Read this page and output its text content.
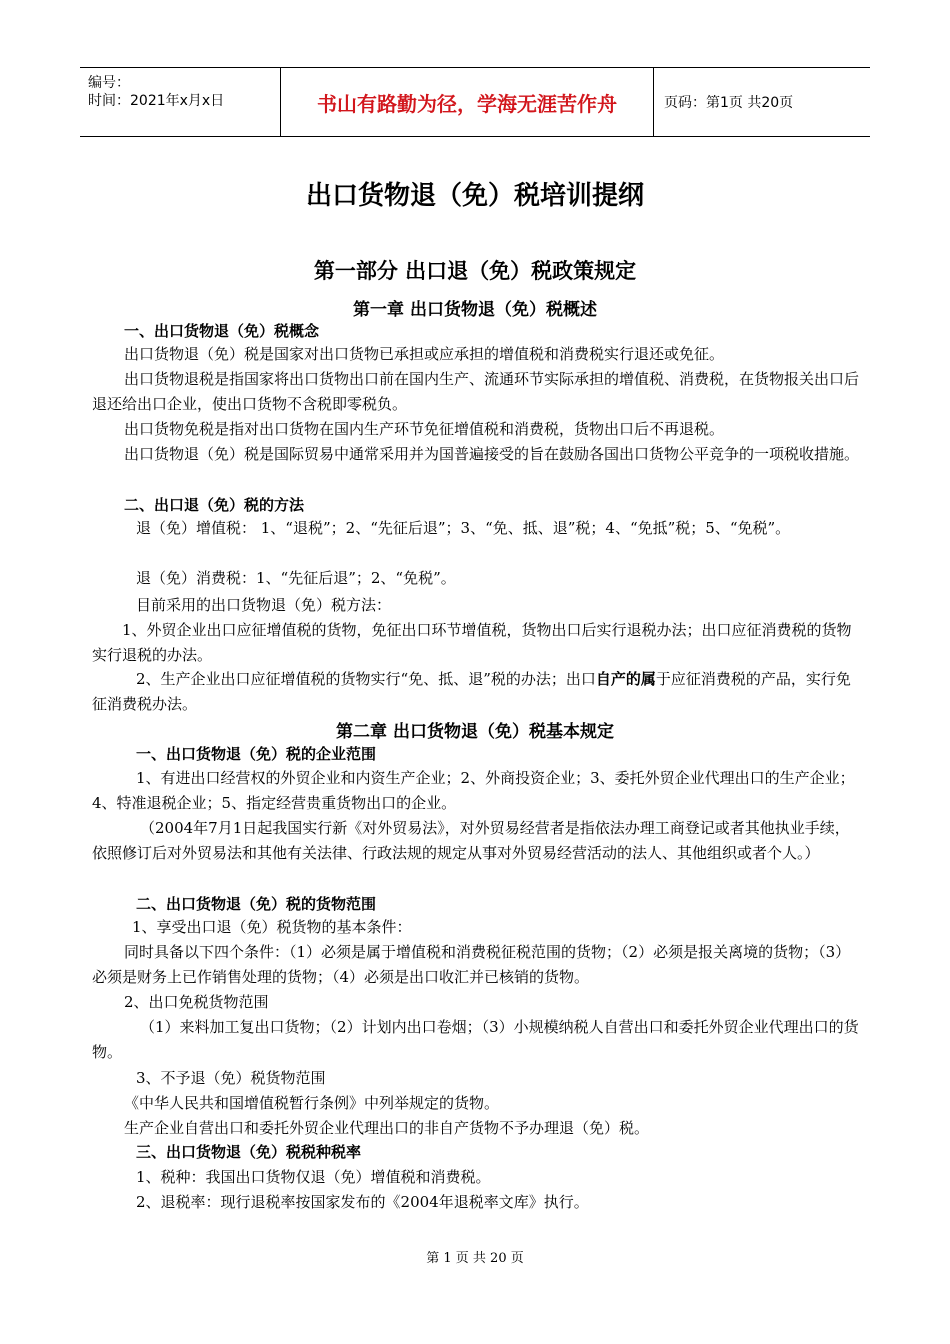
编号：
时间：2021年x月x日	书山有路勤为径，学海无涯苦作舟	页码：第1页 共20页
出口货物退（免）税培训提纲
第一部分 出口退（免）税政策规定
第一章 出口货物退（免）税概述
一、出口货物退（免）税概念
出口货物退（免）税是国家对出口货物已承担或应承担的增值税和消费税实行退还或免征。
出口货物退税是指国家将出口货物出口前在国内生产、流通环节实际承担的增值税、消费税，在货物报关出口后退还给出口企业，使出口货物不含税即零税负。
出口货物免税是指对出口货物在国内生产环节免征增值税和消费税，货物出口后不再退税。
出口货物退（免）税是国际贸易中通常采用并为国普遍接受的旨在鼓励各国出口货物公平竞争的一项税收措施。
二、出口退（免）税的方法
退（免）增值税： 1、“退税”；2、“先征后退”；3、“免、抵、退”税；4、“免抵”税；5、“免税”。
退（免）消费税：1、“先征后退”；2、“免税”。
目前采用的出口货物退（免）税方法：
1、外贸企业出口应征增值税的货物，免征出口环节增值税，货物出口后实行退税办法；出口应征消费税的货物实行退税的办法。
2、生产企业出口应征增值税的货物实行“免、抵、退”税的办法；出口自产的属于应征消费税的产品，实行免征消费税办法。
第二章 出口货物退（免）税基本规定
一、出口货物退（免）税的企业范围
1、有进出口经营权的外贸企业和内资生产企业；2、外商投资企业；3、委托外贸企业代理出口的生产企业；4、特准退税企业；5、指定经营贵重货物出口的企业。
（2004年7月1日起我国实行新《对外贸易法》，对外贸易经营者是指依法办理工商登记或者其他执业手续，依照修订后对外贸易法和其他有关法律、行政法规的规定从事对外贸易经营活动的法人、其他组织或者个人。）
二、出口货物退（免）税的货物范围
1、享受出口退（免）税货物的基本条件：
同时具备以下四个条件：（1）必须是属于增值税和消费税征税范围的货物；（2）必须是报关离境的货物；（3）必须是财务上已作销售处理的货物；（4）必须是出口收汇并已核销的货物。
2、出口免税货物范围
（1）来料加工复出口货物；（2）计划内出口卷烟；（3）小规模纳税人自营出口和委托外贸企业代理出口的货物。
3、不予退（免）税货物范围
《中华人民共和国增值税暂行条例》中列举规定的货物。
生产企业自营出口和委托外贸企业代理出口的非自产货物不予办理退（免）税。
三、出口货物退（免）税税种税率
1、税种：我国出口货物仅退（免）增值税和消费税。
2、退税率：现行退税率按国家发布的《2004年退税率文库》执行。
第 1 页 共 20 页
